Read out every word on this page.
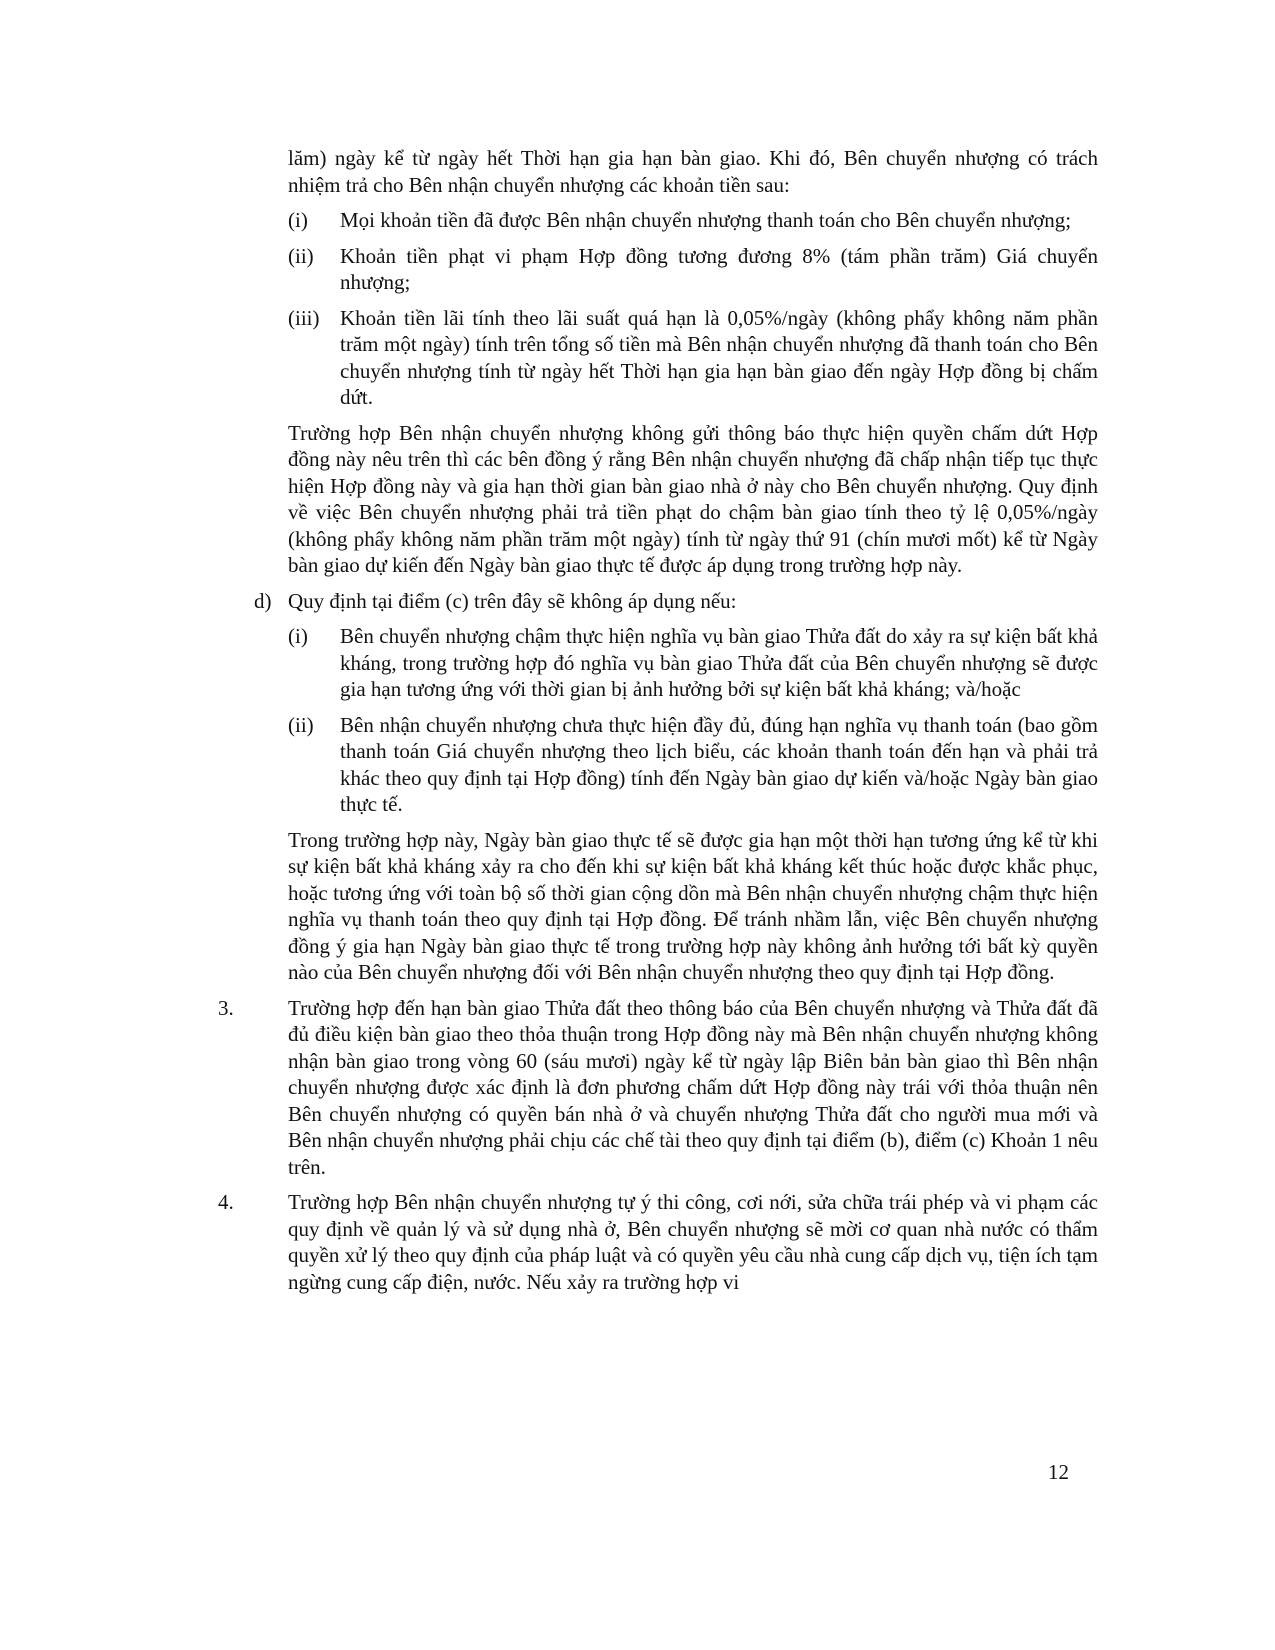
lăm) ngày kể từ ngày hết Thời hạn gia hạn bàn giao. Khi đó, Bên chuyển nhượng có trách nhiệm trả cho Bên nhận chuyển nhượng các khoản tiền sau:

(i) Mọi khoản tiền đã được Bên nhận chuyển nhượng thanh toán cho Bên chuyển nhượng;
(ii) Khoản tiền phạt vi phạm Hợp đồng tương đương 8% (tám phần trăm) Giá chuyển nhượng;
(iii) Khoản tiền lãi tính theo lãi suất quá hạn là 0,05%/ngày (không phẩy không năm phần trăm một ngày) tính trên tổng số tiền mà Bên nhận chuyển nhượng đã thanh toán cho Bên chuyển nhượng tính từ ngày hết Thời hạn gia hạn bàn giao đến ngày Hợp đồng bị chấm dứt.

Trường hợp Bên nhận chuyển nhượng không gửi thông báo thực hiện quyền chấm dứt Hợp đồng này nêu trên thì các bên đồng ý rằng Bên nhận chuyển nhượng đã chấp nhận tiếp tục thực hiện Hợp đồng này và gia hạn thời gian bàn giao nhà ở này cho Bên chuyển nhượng. Quy định về việc Bên chuyển nhượng phải trả tiền phạt do chậm bàn giao tính theo tỷ lệ 0,05%/ngày (không phẩy không năm phần trăm một ngày) tính từ ngày thứ 91 (chín mươi mốt) kể từ Ngày bàn giao dự kiến đến Ngày bàn giao thực tế được áp dụng trong trường hợp này.

d) Quy định tại điểm (c) trên đây sẽ không áp dụng nếu:
(i) Bên chuyển nhượng chậm thực hiện nghĩa vụ bàn giao Thửa đất do xảy ra sự kiện bất khả kháng, trong trường hợp đó nghĩa vụ bàn giao Thửa đất của Bên chuyển nhượng sẽ được gia hạn tương ứng với thời gian bị ảnh hưởng bởi sự kiện bất khả kháng; và/hoặc
(ii) Bên nhận chuyển nhượng chưa thực hiện đầy đủ, đúng hạn nghĩa vụ thanh toán (bao gồm thanh toán Giá chuyển nhượng theo lịch biểu, các khoản thanh toán đến hạn và phải trả khác theo quy định tại Hợp đồng) tính đến Ngày bàn giao dự kiến và/hoặc Ngày bàn giao thực tế.

Trong trường hợp này, Ngày bàn giao thực tế sẽ được gia hạn một thời hạn tương ứng kể từ khi sự kiện bất khả kháng xảy ra cho đến khi sự kiện bất khả kháng kết thúc hoặc được khắc phục, hoặc tương ứng với toàn bộ số thời gian cộng dồn mà Bên nhận chuyển nhượng chậm thực hiện nghĩa vụ thanh toán theo quy định tại Hợp đồng. Để tránh nhầm lẫn, việc Bên chuyển nhượng đồng ý gia hạn Ngày bàn giao thực tế trong trường hợp này không ảnh hưởng tới bất kỳ quyền nào của Bên chuyển nhượng đối với Bên nhận chuyển nhượng theo quy định tại Hợp đồng.

3.	Trường hợp đến hạn bàn giao Thửa đất theo thông báo của Bên chuyển nhượng và Thửa đất đã đủ điều kiện bàn giao theo thỏa thuận trong Hợp đồng này mà Bên nhận chuyển nhượng không nhận bàn giao trong vòng 60 (sáu mươi) ngày kể từ ngày lập Biên bản bàn giao thì Bên nhận chuyển nhượng được xác định là đơn phương chấm dứt Hợp đồng này trái với thỏa thuận nên Bên chuyển nhượng có quyền bán nhà ở và chuyển nhượng Thửa đất cho người mua mới và Bên nhận chuyển nhượng phải chịu các chế tài theo quy định tại điểm (b), điểm (c) Khoản 1 nêu trên.
4.	Trường hợp Bên nhận chuyển nhượng tự ý thi công, cơi nới, sửa chữa trái phép và vi phạm các quy định về quản lý và sử dụng nhà ở, Bên chuyển nhượng sẽ mời cơ quan nhà nước có thẩm quyền xử lý theo quy định của pháp luật và có quyền yêu cầu nhà cung cấp dịch vụ, tiện ích tạm ngừng cung cấp điện, nước. Nếu xảy ra trường hợp vi
12
